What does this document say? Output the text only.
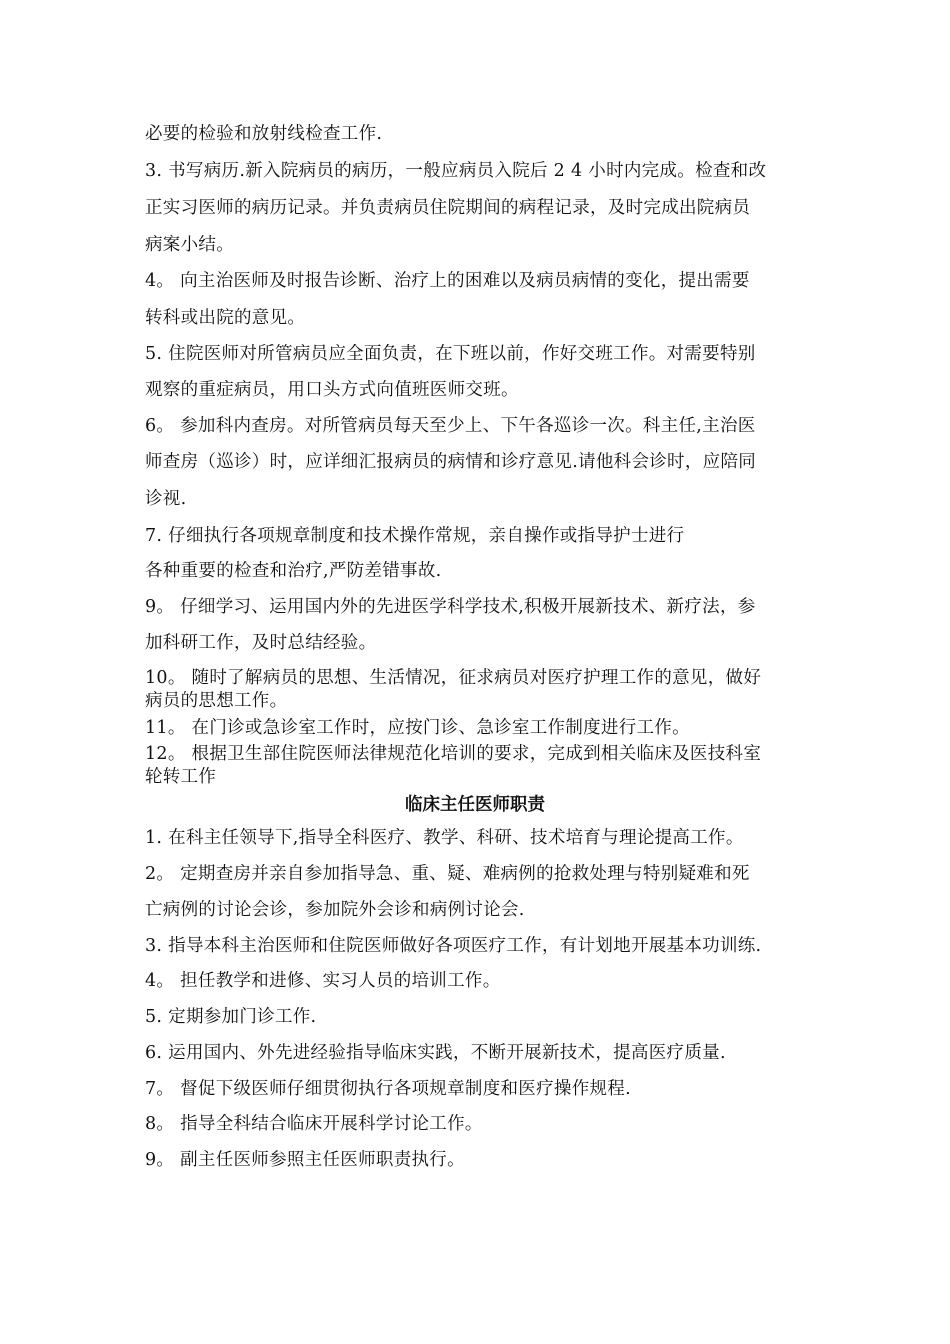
必要的检验和放射线检查工作.
3. 书写病历.新入院病员的病历，一般应病员入院后 2 4 小时内完成。检查和改
正实习医师的病历记录。并负责病员住院期间的病程记录，及时完成出院病员
病案小结。
4。 向主治医师及时报告诊断、治疗上的困难以及病员病情的变化，提出需要
转科或出院的意见。
5. 住院医师对所管病员应全面负责，在下班以前，作好交班工作。对需要特别
观察的重症病员，用口头方式向值班医师交班。
6。 参加科内查房。对所管病员每天至少上、下午各巡诊一次。科主任,主治医
师查房（巡诊）时，应详细汇报病员的病情和诊疗意见.请他科会诊时，应陪同
诊视.
7. 仔细执行各项规章制度和技术操作常规，亲自操作或指导护士进行
各种重要的检查和治疗,严防差错事故.
9。 仔细学习、运用国内外的先进医学科学技术,积极开展新技术、新疗法，参
加科研工作，及时总结经验。
10。 随时了解病员的思想、生活情况，征求病员对医疗护理工作的意见，做好
病员的思想工作。
11。 在门诊或急诊室工作时，应按门诊、急诊室工作制度进行工作。
12。 根据卫生部住院医师法律规范化培训的要求，完成到相关临床及医技科室
轮转工作
临床主任医师职责
1. 在科主任领导下,指导全科医疗、教学、科研、技术培育与理论提高工作。
2。 定期查房并亲自参加指导急、重、疑、难病例的抢救处理与特别疑难和死
亡病例的讨论会诊，参加院外会诊和病例讨论会.
3. 指导本科主治医师和住院医师做好各项医疗工作，有计划地开展基本功训练.
4。 担任教学和进修、实习人员的培训工作。
5. 定期参加门诊工作.
6. 运用国内、外先进经验指导临床实践，不断开展新技术，提高医疗质量.
7。 督促下级医师仔细贯彻执行各项规章制度和医疗操作规程.
8。 指导全科结合临床开展科学讨论工作。
9。 副主任医师参照主任医师职责执行。
